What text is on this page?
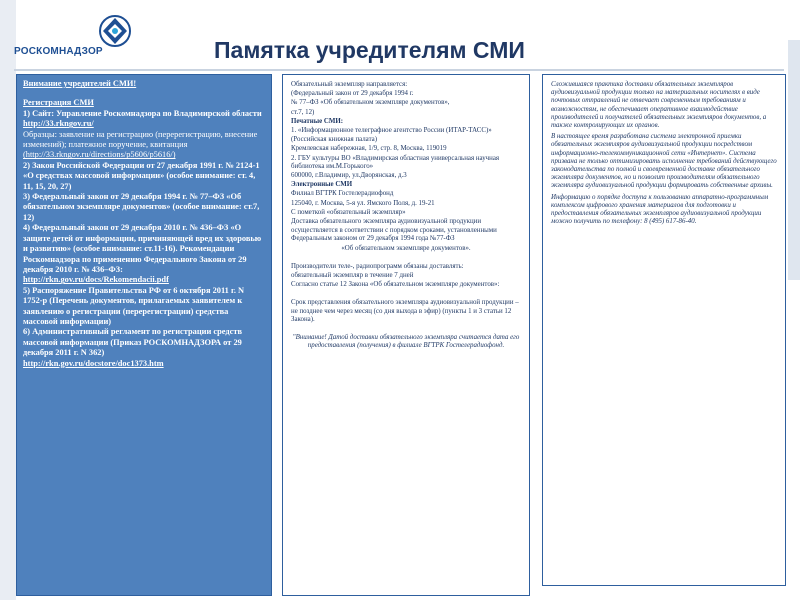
РОСКОМНАДЗОР	Памятка учредителям СМИ

Внимание учредителей СМИ!

Регистрация СМИ

1) Сайт: Управление Роскомнадзора по Владимирской области

http://33.rkngov.ru/

Образцы: заявление на регистрацию (перерегистрацию, внесение изменений); платежное поручение, квитанция

(http://33.rkngov.ru/directions/p5606/p5616/)

2) Закон Российской Федерации от 27 декабря 1991 г. № 2124-1 «О средствах массовой информации» (особое внимание: ст. 4, 11, 15, 20, 27)

3) Федеральный закон от 29 декабря 1994 г. № 77–ФЗ «Об обязательном экземпляре документов» (особое внимание: ст.7, 12)

4) Федеральный закон от 29 декабря 2010 г. № 436–ФЗ «О защите детей от информации, причиняющей вред их здоровью и развитию» (особое внимание: ст.11-16). Рекомендации Роскомнадзора по применению Федерального Закона от 29 декабря 2010 г. № 436–ФЗ:

http://rkn.gov.ru/docs/Rekomendacii.pdf

5) Распоряжение Правительства РФ от 6 октября 2011 г. N 1752-р (Перечень документов, прилагаемых заявителем к заявлению о регистрации (перерегистрации) средства массовой информации)

6) Административный регламент по регистрации средств массовой информации (Приказ РОСКОМНАДЗОРА от 29 декабря 2011 г. N 362)

http://rkn.gov.ru/docstore/doc1373.htm

Обязательный экземпляр направляется:

(Федеральный закон от 29 декабря 1994 г.

№ 77–ФЗ «Об обязательном экземпляре документов»,

ст.7, 12)

Печатные СМИ:

1. «Информационное телеграфное агентство России (ИТАР-ТАСС)»

(Российская книжная палата)

Кремлевская набережная, 1/9, стр. 8, Москва, 119019

2. ГБУ культуры ВО «Владимирская областная универсальная научная библиотека им.М.Горького»

600000, г.Владимир, ул.Дворянская, д.3

Электронные СМИ

Филиал ВГТРК Гостелерадиофонд

125040, г. Москва, 5-я ул. Ямского Поля, д. 19-21

С пометкой «обязательный экземпляр»

Доставка обязательного экземпляра аудиовизуальной продукции

осуществляется в соответствии с порядком сроками, установленными Федеральным законом от 29 декабря 1994 года №77-ФЗ

«Об обязательном экземпляре документов».

Производители теле-, радиопрограмм обязаны доставлять:

обязательный экземпляр в течение 7 дней

Согласно статье 12 Закона «Об обязательном экземпляре документов»:

Срок представления обязательного экземпляра аудиовизуальной продукции – не позднее чем через месяц (со дня выхода в эфир) (пункты 1 и 3 статьи 12 Закона).

"Внимание! Датой доставки обязательного экземпляра считается дата его предоставления (получения) в филиале ВГТРК Гостелерадиофонд.

Сложившаяся практика доставки обязательных экземпляров аудиовизуальной продукции только на материальных носителях в виде почтовых отправлений не отвечает современным требованиям и возможностям, не обеспечивает оперативное взаимодействие производителей и получателей обязательных экземпляров документов, а также контролирующих их органов.

В настоящее время разработана система электронной приемки обязательных экземпляров аудиовизуальной продукции посредством информационно-телекоммуникационной сети «Интернет». Система призвана не только оптимизировать исполнение требований действующего законодательства по полной и своевременной доставке обязательного экземпляра документов, но и позволит производителям обязательного экземпляра аудиовизуальной продукции формировать собственные архивы.

Информацию о порядке доступа к пользованию аппаратно-программным комплексом цифрового хранения материалов для подготовки и предоставления обязательных экземпляров аудиовизуальной продукции можно получить по телефону: 8 (495) 617-86-40.
